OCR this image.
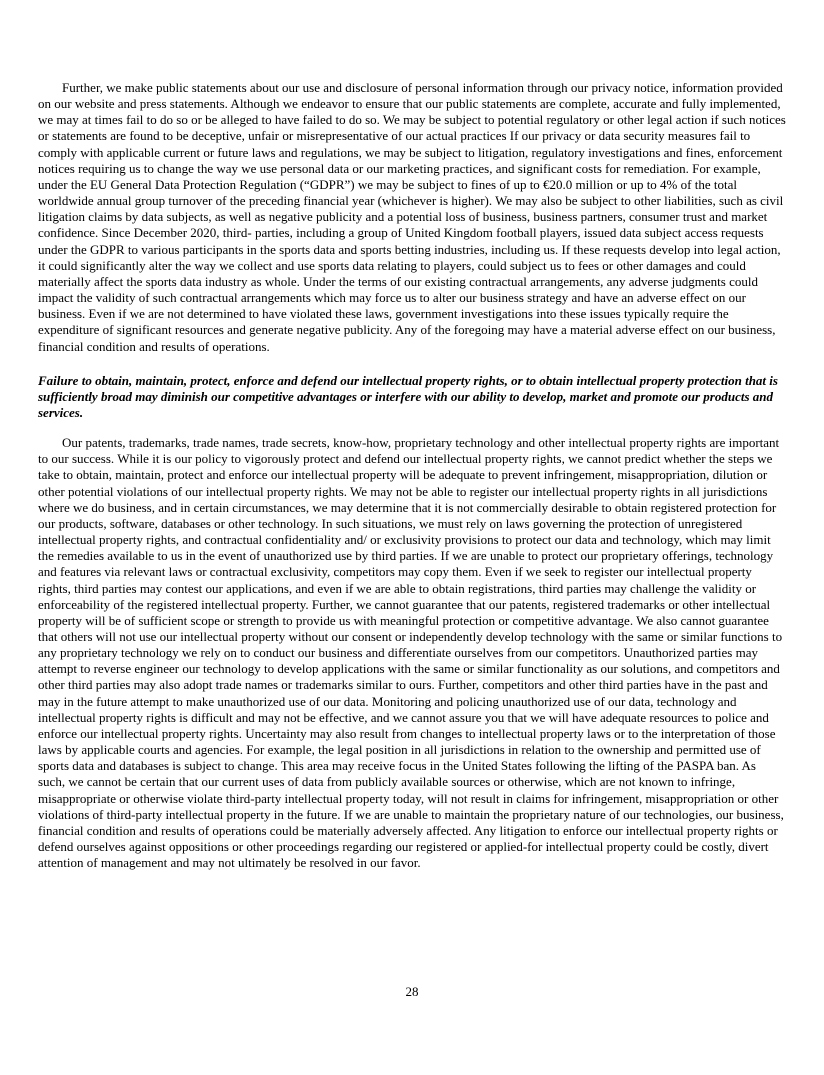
Further, we make public statements about our use and disclosure of personal information through our privacy notice, information provided on our website and press statements. Although we endeavor to ensure that our public statements are complete, accurate and fully implemented, we may at times fail to do so or be alleged to have failed to do so. We may be subject to potential regulatory or other legal action if such notices or statements are found to be deceptive, unfair or misrepresentative of our actual practices If our privacy or data security measures fail to comply with applicable current or future laws and regulations, we may be subject to litigation, regulatory investigations and fines, enforcement notices requiring us to change the way we use personal data or our marketing practices, and significant costs for remediation. For example, under the EU General Data Protection Regulation (“GDPR”) we may be subject to fines of up to €20.0 million or up to 4% of the total worldwide annual group turnover of the preceding financial year (whichever is higher). We may also be subject to other liabilities, such as civil litigation claims by data subjects, as well as negative publicity and a potential loss of business, business partners, consumer trust and market confidence. Since December 2020, third- parties, including a group of United Kingdom football players, issued data subject access requests under the GDPR to various participants in the sports data and sports betting industries, including us. If these requests develop into legal action, it could significantly alter the way we collect and use sports data relating to players, could subject us to fees or other damages and could materially affect the sports data industry as whole. Under the terms of our existing contractual arrangements, any adverse judgments could impact the validity of such contractual arrangements which may force us to alter our business strategy and have an adverse effect on our business. Even if we are not determined to have violated these laws, government investigations into these issues typically require the expenditure of significant resources and generate negative publicity. Any of the foregoing may have a material adverse effect on our business, financial condition and results of operations.

Failure to obtain, maintain, protect, enforce and defend our intellectual property rights, or to obtain intellectual property protection that is sufficiently broad may diminish our competitive advantages or interfere with our ability to develop, market and promote our products and services.

Our patents, trademarks, trade names, trade secrets, know-how, proprietary technology and other intellectual property rights are important to our success. While it is our policy to vigorously protect and defend our intellectual property rights, we cannot predict whether the steps we take to obtain, maintain, protect and enforce our intellectual property will be adequate to prevent infringement, misappropriation, dilution or other potential violations of our intellectual property rights. We may not be able to register our intellectual property rights in all jurisdictions where we do business, and in certain circumstances, we may determine that it is not commercially desirable to obtain registered protection for our products, software, databases or other technology. In such situations, we must rely on laws governing the protection of unregistered intellectual property rights, and contractual confidentiality and/ or exclusivity provisions to protect our data and technology, which may limit the remedies available to us in the event of unauthorized use by third parties. If we are unable to protect our proprietary offerings, technology and features via relevant laws or contractual exclusivity, competitors may copy them. Even if we seek to register our intellectual property rights, third parties may contest our applications, and even if we are able to obtain registrations, third parties may challenge the validity or enforceability of the registered intellectual property. Further, we cannot guarantee that our patents, registered trademarks or other intellectual property will be of sufficient scope or strength to provide us with meaningful protection or competitive advantage. We also cannot guarantee that others will not use our intellectual property without our consent or independently develop technology with the same or similar functions to any proprietary technology we rely on to conduct our business and differentiate ourselves from our competitors. Unauthorized parties may attempt to reverse engineer our technology to develop applications with the same or similar functionality as our solutions, and competitors and other third parties may also adopt trade names or trademarks similar to ours. Further, competitors and other third parties have in the past and may in the future attempt to make unauthorized use of our data. Monitoring and policing unauthorized use of our data, technology and intellectual property rights is difficult and may not be effective, and we cannot assure you that we will have adequate resources to police and enforce our intellectual property rights. Uncertainty may also result from changes to intellectual property laws or to the interpretation of those laws by applicable courts and agencies. For example, the legal position in all jurisdictions in relation to the ownership and permitted use of sports data and databases is subject to change. This area may receive focus in the United States following the lifting of the PASPA ban. As such, we cannot be certain that our current uses of data from publicly available sources or otherwise, which are not known to infringe, misappropriate or otherwise violate third-party intellectual property today, will not result in claims for infringement, misappropriation or other violations of third-party intellectual property in the future. If we are unable to maintain the proprietary nature of our technologies, our business, financial condition and results of operations could be materially adversely affected. Any litigation to enforce our intellectual property rights or defend ourselves against oppositions or other proceedings regarding our registered or applied-for intellectual property could be costly, divert attention of management and may not ultimately be resolved in our favor.

28
